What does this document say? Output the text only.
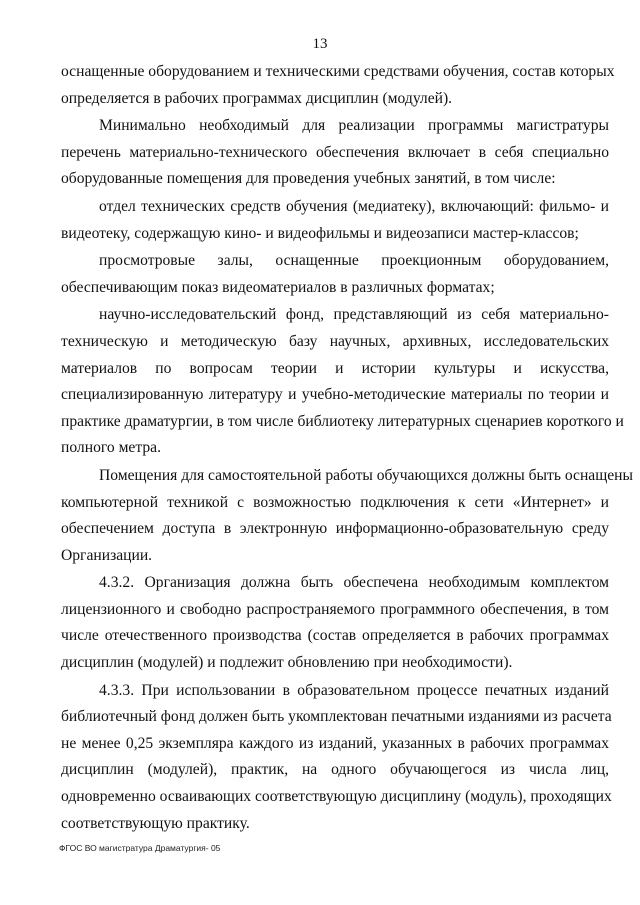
13
оснащенные оборудованием и техническими средствами обучения, состав которых
определяется в рабочих программах дисциплин (модулей).
Минимально необходимый для реализации программы магистратуры
перечень материально-технического обеспечения включает в себя специально
оборудованные помещения для проведения учебных занятий, в том числе:
отдел технических средств обучения (медиатеку), включающий: фильмо- и
видеотеку, содержащую кино- и видеофильмы и видеозаписи мастер-классов;
просмотровые залы, оснащенные проекционным оборудованием,
обеспечивающим показ видеоматериалов в различных форматах;
научно-исследовательский фонд, представляющий из себя материально-
техническую и методическую базу научных, архивных, исследовательских
материалов по вопросам теории и истории культуры и искусства,
специализированную литературу и учебно-методические материалы по теории и
практике драматургии, в том числе библиотеку литературных сценариев короткого и
полного метра.
Помещения для самостоятельной работы обучающихся должны быть оснащены
компьютерной техникой с возможностью подключения к сети «Интернет» и
обеспечением доступа в электронную информационно-образовательную среду
Организации.
4.3.2. Организация должна быть обеспечена необходимым комплектом
лицензионного и свободно распространяемого программного обеспечения, в том
числе отечественного производства (состав определяется в рабочих программах
дисциплин (модулей) и подлежит обновлению при необходимости).
4.3.3. При использовании в образовательном процессе печатных изданий
библиотечный фонд должен быть укомплектован печатными изданиями из расчета
не менее 0,25 экземпляра каждого из изданий, указанных в рабочих программах
дисциплин (модулей), практик, на одного обучающегося из числа лиц,
одновременно осваивающих соответствующую дисциплину (модуль), проходящих
соответствующую практику.
ФГОС ВО магистратура Драматургия- 05
